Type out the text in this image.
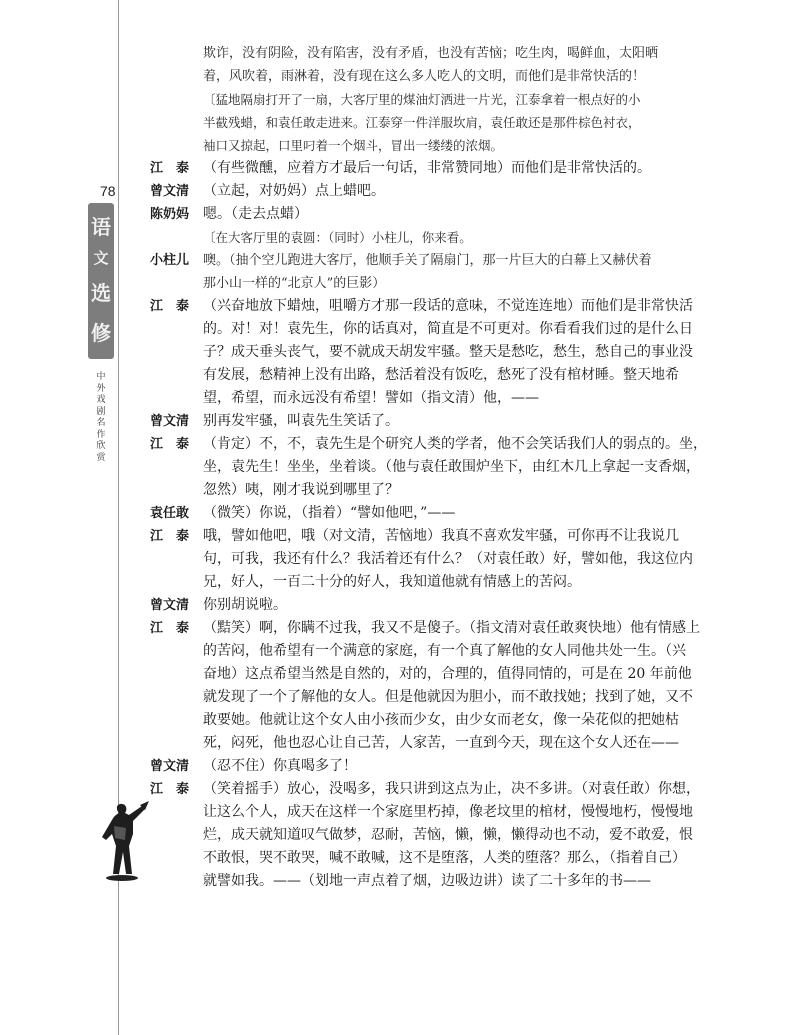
78
语
文
选
修
中
外
戏
剧
名
作
欣
赏
欺诈，没有阴险，没有陷害，没有矛盾，也没有苦恼；吃生肉，喝鲜血，太阳晒
着，风吹着，雨淋着，没有现在这么多人吃人的文明，而他们是非常快活的！
〔猛地隔扇打开了一扇，大客厅里的煤油灯洒进一片光，江泰拿着一根点好的小
半截残蜡，和袁任敢走进来。江泰穿一件洋服坎肩，袁任敢还是那件棕色衬衣，
袖口又掠起，口里叼着一个烟斗，冒出一缕缕的浓烟。
江　泰 （有些微醺，应着方才最后一句话，非常赞同地）而他们是非常快活的。
曾文清 （立起，对奶妈）点上蜡吧。
陈奶妈 嗯。（走去点蜡）
〔在大客厅里的袁圆：（同时）小柱儿，你来看。
小柱儿 噢。（抽个空儿跑进大客厅，他顺手关了隔扇门，那一片巨大的白幕上又赫伏着
那小山一样的“北京人”的巨影）
江　泰 （兴奋地放下蜡烛，咀嚼方才那一段话的意味，不觉连连地）而他们是非常快活
的。对！对！袁先生，你的话真对，简直是不可更对。你看看我们过的是什么日
子？成天垂头丧气，要不就成天胡发牢骚。整天是愁吃，愁生，愁自己的事业没
有发展，愁精神上没有出路，愁活着没有饭吃，愁死了没有棺材睡。整天地希
望，希望，而永远没有希望！譬如（指文清）他，——
曾文清 别再发牢骚，叫袁先生笑话了。
江　泰 （肯定）不，不，袁先生是个研究人类的学者，他不会笑话我们人的弱点的。坐，
坐，袁先生！坐坐，坐着谈。（他与袁任敢围炉坐下，由红木几上拿起一支香烟，
忽然）咦，刚才我说到哪里了？
袁任敢 （微笑）你说，（指着）“譬如他吧，”——
江　泰 哦，譬如他吧，哦（对文清，苦恼地）我真不喜欢发牢骚，可你再不让我说几
句，可我，我还有什么？我活着还有什么？（对袁任敢）好，譬如他，我这位内
兄，好人，一百二十分的好人，我知道他就有情感上的苦闷。
曾文清 你别胡说啦。
江　泰 （黠笑）啊，你瞒不过我，我又不是傻子。（指文清对袁任敢爽快地）他有情感上
的苦闷，他希望有一个满意的家庭，有一个真了解他的女人同他共处一生。（兴
奋地）这点希望当然是自然的，对的，合理的，值得同情的，可是在 20 年前他
就发现了一个了解他的女人。但是他就因为胆小，而不敢找她；找到了她，又不
敢要她。他就让这个女人由小孩而少女，由少女而老女，像一朵花似的把她枯
死，闷死，他也忍心让自己苦，人家苦，一直到今天，现在这个女人还在——
曾文清 （忍不住）你真喝多了！
江　泰 （笑着摇手）放心，没喝多，我只讲到这点为止，决不多讲。（对袁任敢）你想，
让这么个人，成天在这样一个家庭里朽掉，像老坟里的棺材，慢慢地朽，慢慢地
烂，成天就知道叹气做梦，忍耐，苦恼，懒，懒，懒得动也不动，爱不敢爱，恨
不敢恨，哭不敢哭，喊不敢喊，这不是堕落，人类的堕落？那么，（指着自己）
就譬如我。——（划地一声点着了烟，边吸边讲）读了二十多年的书——
